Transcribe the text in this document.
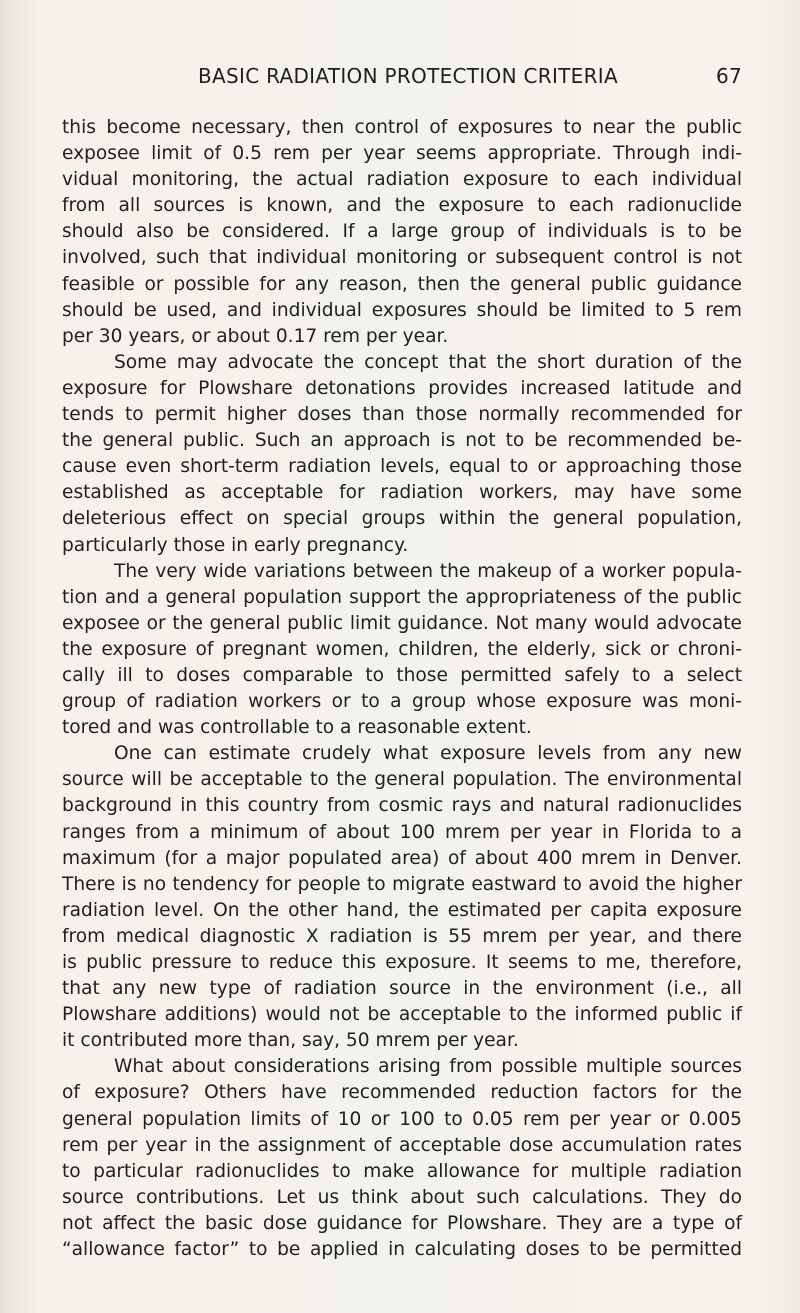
BASIC RADIATION PROTECTION CRITERIA	67
this become necessary, then control of exposures to near the public
exposee limit of 0.5 rem per year seems appropriate. Through indi-
vidual monitoring, the actual radiation exposure to each individual
from all sources is known, and the exposure to each radionuclide
should also be considered. If a large group of individuals is to be
involved, such that individual monitoring or subsequent control is not
feasible or possible for any reason, then the general public guidance
should be used, and individual exposures should be limited to 5 rem
per 30 years, or about 0.17 rem per year.
Some may advocate the concept that the short duration of the
exposure for Plowshare detonations provides increased latitude and
tends to permit higher doses than those normally recommended for
the general public. Such an approach is not to be recommended be-
cause even short-term radiation levels, equal to or approaching those
established as acceptable for radiation workers, may have some
deleterious effect on special groups within the general population,
particularly those in early pregnancy.
The very wide variations between the makeup of a worker popula-
tion and a general population support the appropriateness of the public
exposee or the general public limit guidance. Not many would advocate
the exposure of pregnant women, children, the elderly, sick or chroni-
cally ill to doses comparable to those permitted safely to a select
group of radiation workers or to a group whose exposure was moni-
tored and was controllable to a reasonable extent.
One can estimate crudely what exposure levels from any new
source will be acceptable to the general population. The environmental
background in this country from cosmic rays and natural radionuclides
ranges from a minimum of about 100 mrem per year in Florida to a
maximum (for a major populated area) of about 400 mrem in Denver.
There is no tendency for people to migrate eastward to avoid the higher
radiation level. On the other hand, the estimated per capita exposure
from medical diagnostic X radiation is 55 mrem per year, and there
is public pressure to reduce this exposure. It seems to me, therefore,
that any new type of radiation source in the environment (i.e., all
Plowshare additions) would not be acceptable to the informed public if
it contributed more than, say, 50 mrem per year.
What about considerations arising from possible multiple sources
of exposure? Others have recommended reduction factors for the
general population limits of 10 or 100 to 0.05 rem per year or 0.005
rem per year in the assignment of acceptable dose accumulation rates
to particular radionuclides to make allowance for multiple radiation
source contributions. Let us think about such calculations. They do
not affect the basic dose guidance for Plowshare. They are a type of
“allowance factor” to be applied in calculating doses to be permitted
